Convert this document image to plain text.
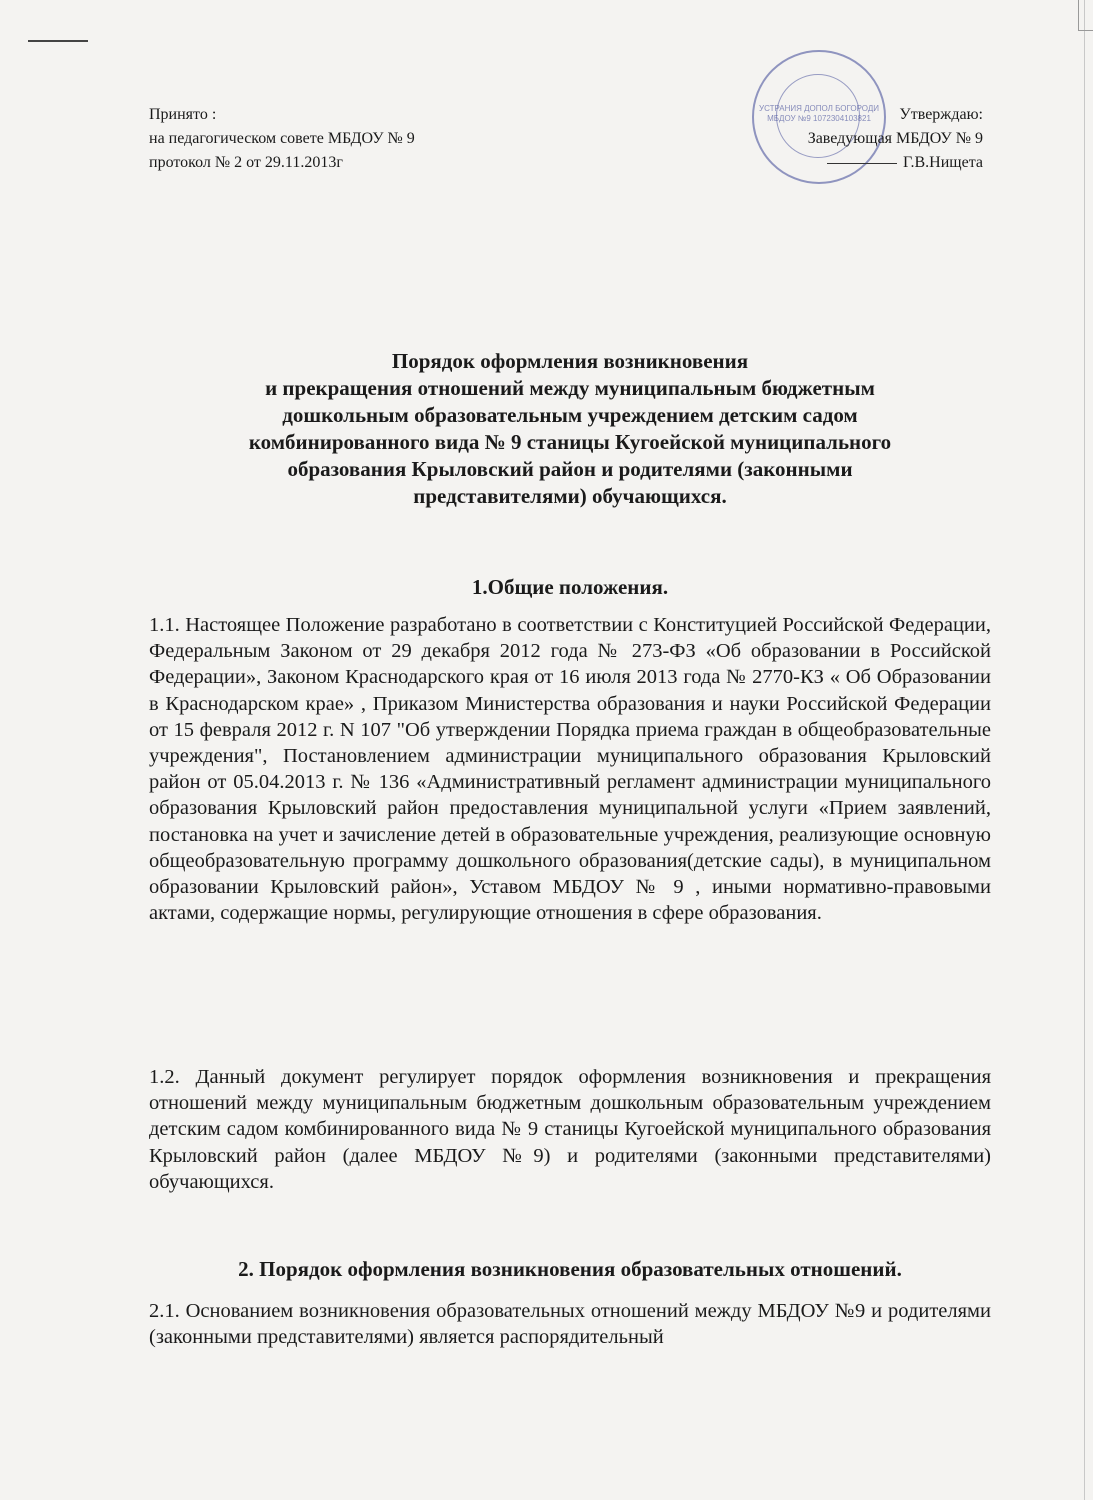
Принято :
на педагогическом совете МБДОУ № 9
протокол № 2 от 29.11.2013г
УСТРАНИЯ ДОПОЛ БОГОРОДИ МБДОУ №9 1072304103821	Утверждаю:
Заведующая МБДОУ № 9
Г.В.Нищета
Порядок оформления возникновения
и прекращения отношений между муниципальным бюджетным
дошкольным образовательным учреждением детским садом
комбинированного вида № 9 станицы Кугоейской муниципального
образования Крыловский район и родителями (законными
представителями) обучающихся.
1.Общие положения.
1.1. Настоящее Положение разработано в соответствии с Конституцией Российской Федерации, Федеральным Законом от 29 декабря 2012 года № 273-ФЗ «Об образовании в Российской Федерации», Законом Краснодарского края от 16 июля 2013 года № 2770-КЗ « Об Образовании в Краснодарском крае» , Приказом Министерства образования и науки Российской Федерации от 15 февраля 2012 г. N 107 "Об утверждении Порядка приема граждан в общеобразовательные учреждения", Постановлением администрации муниципального образования Крыловский район от 05.04.2013 г. № 136 «Административный регламент администрации муниципального образования Крыловский район предоставления муниципальной услуги «Прием заявлений, постановка на учет и зачисление детей в образовательные учреждения, реализующие основную общеобразовательную программу дошкольного образования(детские сады), в муниципальном образовании Крыловский район», Уставом МБДОУ № 9 , иными нормативно-правовыми актами, содержащие нормы, регулирующие отношения в сфере образования.
1.2. Данный документ регулирует порядок оформления возникновения и прекращения отношений между муниципальным бюджетным дошкольным образовательным учреждением детским садом комбинированного вида № 9 станицы Кугоейской муниципального образования Крыловский район (далее МБДОУ №9) и родителями (законными представителями) обучающихся.
2. Порядок оформления возникновения образовательных отношений.
2.1. Основанием возникновения образовательных отношений между МБДОУ №9 и родителями (законными представителями) является распорядительный
